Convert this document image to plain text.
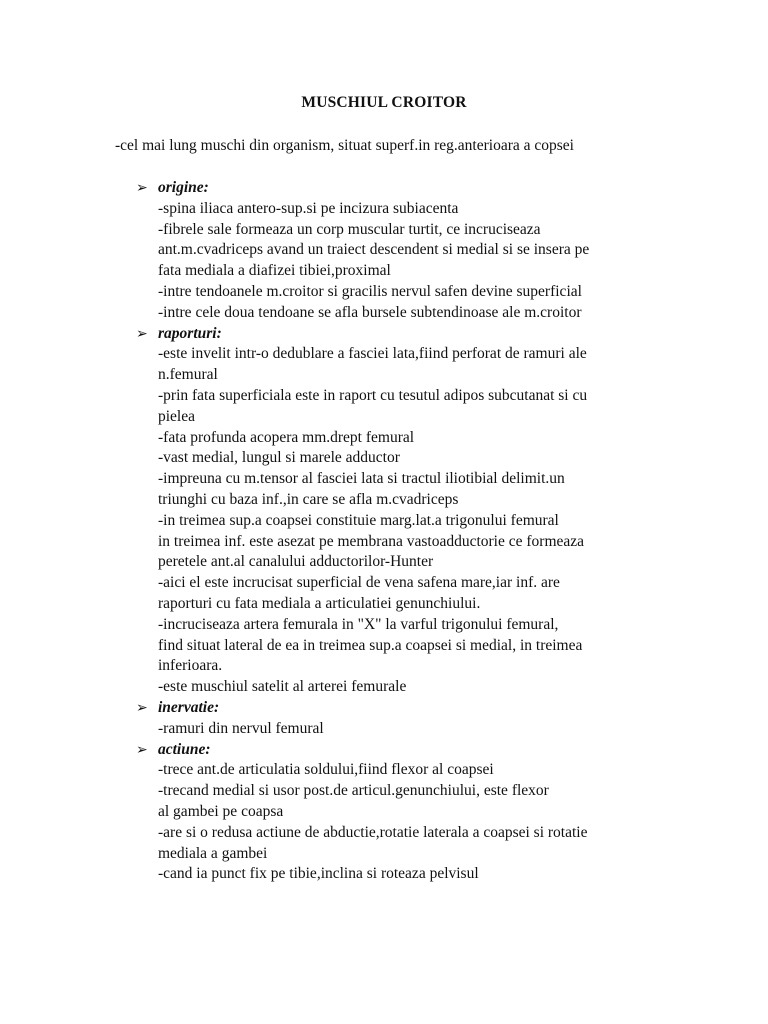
MUSCHIUL CROITOR
-cel mai lung muschi din organism, situat superf.in reg.anterioara a copsei
➢ origine:
-spina iliaca antero-sup.si pe incizura subiacenta
-fibrele sale formeaza un corp muscular turtit, ce incruciseaza
ant.m.cvadriceps avand un traiect descendent si medial si se insera pe
fata mediala a diafizei tibiei,proximal
-intre tendoanele m.croitor si gracilis nervul safen devine superficial
-intre cele doua tendoane se afla bursele subtendinoase ale m.croitor
➢ raporturi:
-este invelit intr-o dedublare a fasciei lata,fiind perforat de ramuri ale
n.femural
-prin fata superficiala este in raport cu tesutul adipos subcutanat si cu
pielea
-fata profunda acopera mm.drept femural
-vast medial, lungul si marele adductor
-impreuna cu m.tensor al fasciei lata si tractul iliotibial delimit.un
triunghi cu baza inf.,in care se afla m.cvadriceps
-in treimea sup.a coapsei constituie marg.lat.a trigonului femural
in treimea inf. este asezat pe membrana vastoadductorie ce formeaza
peretele ant.al canalului adductorilor-Hunter
-aici el este incrucisat superficial de vena safena mare,iar inf. are
raporturi cu fata mediala a articulatiei genunchiului.
-incruciseaza artera femurala in "X" la varful trigonului femural,
find situat lateral de ea in treimea sup.a coapsei si medial, in treimea
inferioara.
-este muschiul satelit al arterei femurale
➢ inervatie:
-ramuri din nervul femural
➢ actiune:
-trece ant.de articulatia soldului,fiind flexor al coapsei
-trecand medial si usor post.de articul.genunchiului, este flexor
al gambei pe coapsa
-are si o redusa actiune de abductie,rotatie laterala a coapsei si rotatie
mediala a gambei
-cand ia punct fix pe tibie,inclina si roteaza pelvisul
